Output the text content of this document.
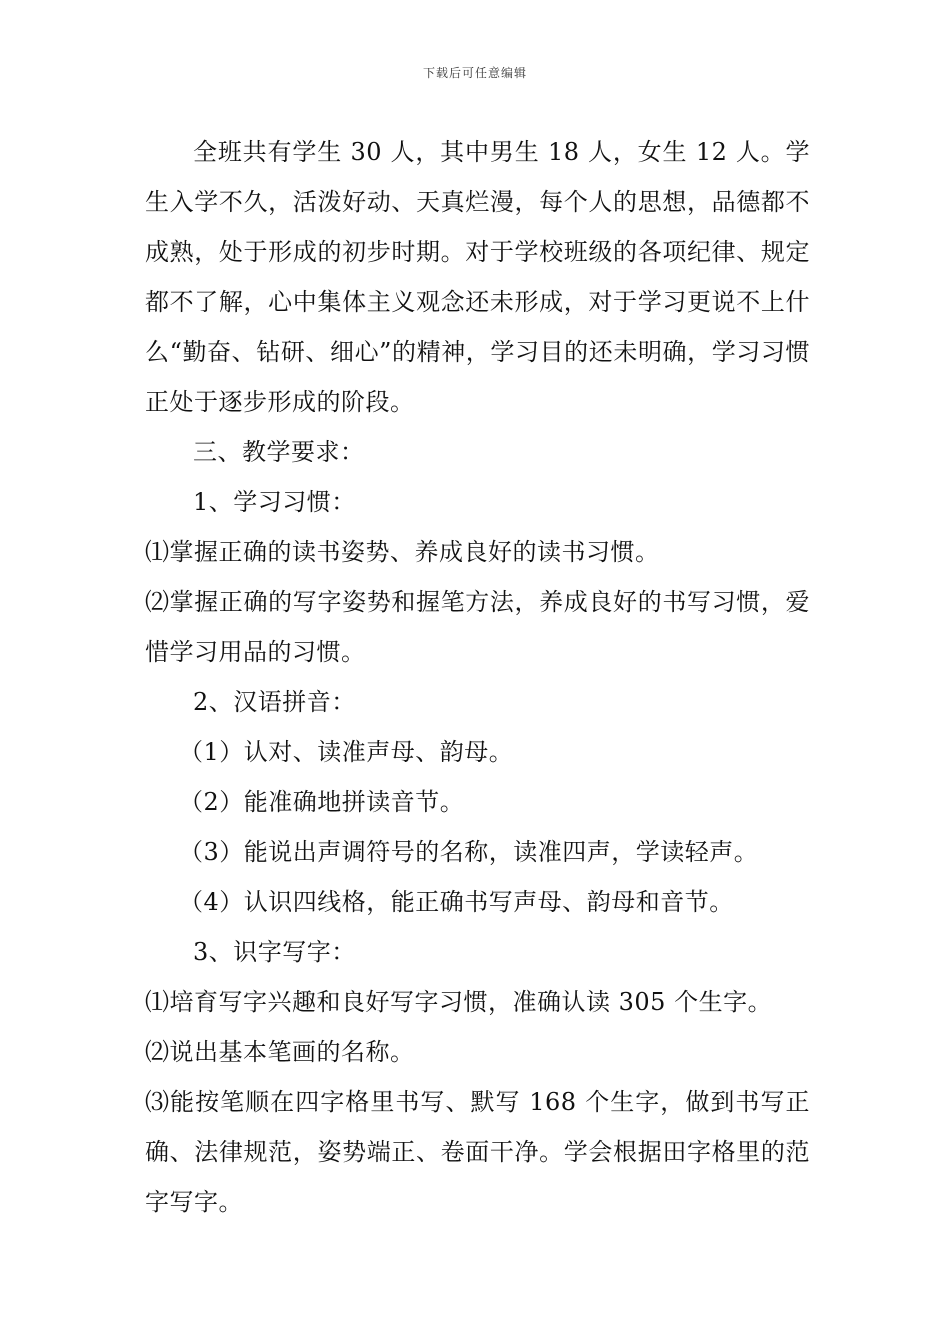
下载后可任意编辑

全班共有学生 30 人，其中男生 18 人，女生 12 人。学生入学不久，活泼好动、天真烂漫，每个人的思想，品德都不成熟，处于形成的初步时期。对于学校班级的各项纪律、规定都不了解，心中集体主义观念还未形成，对于学习更说不上什么“勤奋、钻研、细心”的精神，学习目的还未明确，学习习惯正处于逐步形成的阶段。

三、教学要求：

1、学习习惯：

⑴掌握正确的读书姿势、养成良好的读书习惯。

⑵掌握正确的写字姿势和握笔方法，养成良好的书写习惯，爱惜学习用品的习惯。

2、汉语拼音：

（1）认对、读准声母、韵母。

（2）能准确地拼读音节。

（3）能说出声调符号的名称，读准四声，学读轻声。

（4）认识四线格，能正确书写声母、韵母和音节。

3、识字写字：

⑴培育写字兴趣和良好写字习惯，准确认读 305 个生字。

⑵说出基本笔画的名称。

⑶能按笔顺在四字格里书写、默写 168 个生字，做到书写正确、法律规范，姿势端正、卷面干净。学会根据田字格里的范字写字。
